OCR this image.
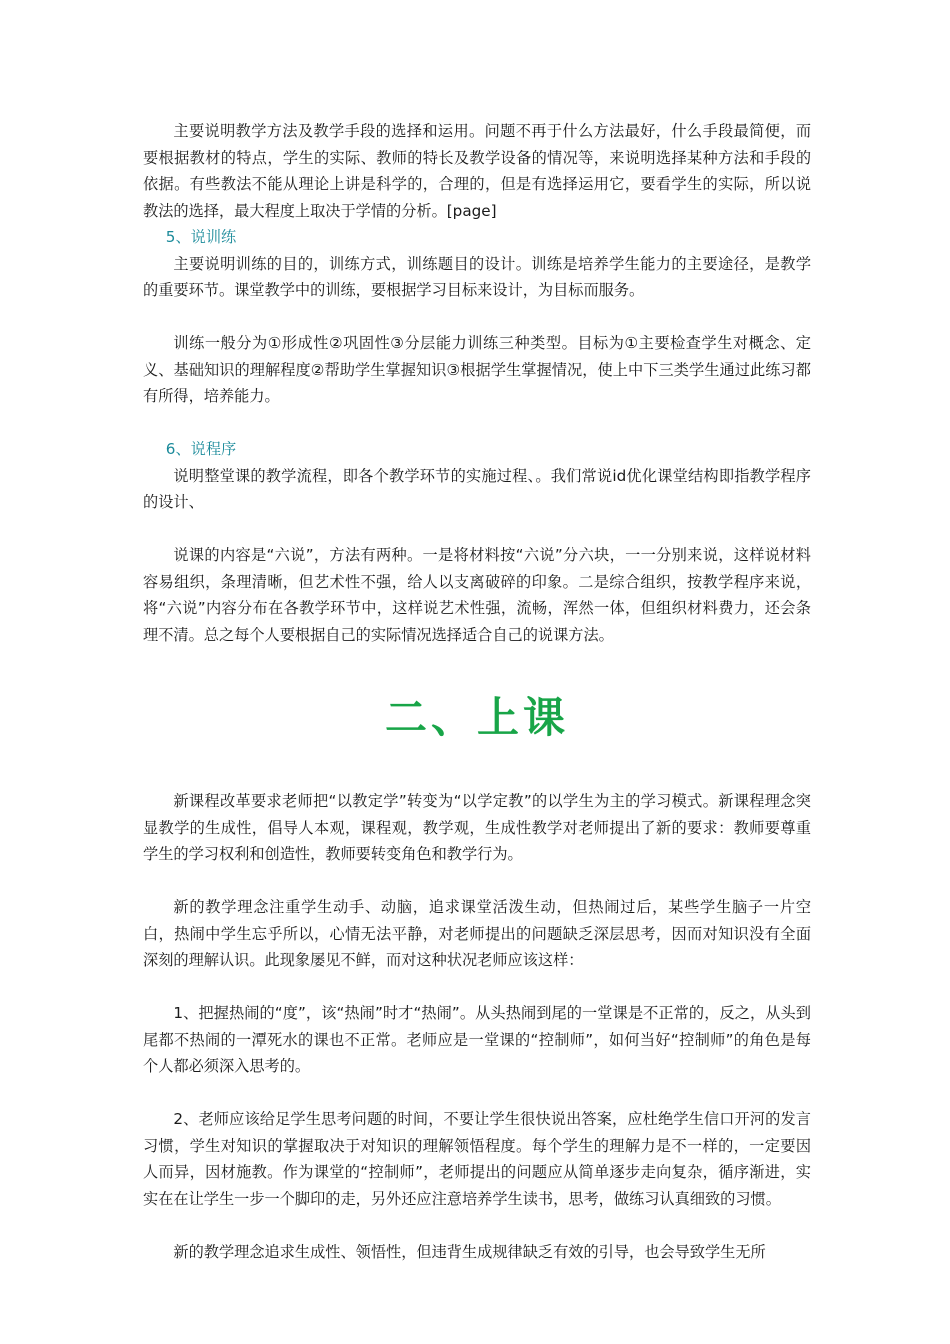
主要说明教学方法及教学手段的选择和运用。问题不再于什么方法最好，什么手段最简便，而要根据教材的特点，学生的实际、教师的特长及教学设备的情况等，来说明选择某种方法和手段的依据。有些教法不能从理论上讲是科学的，合理的，但是有选择运用它，要看学生的实际，所以说教法的选择，最大程度上取决于学情的分析。[page]

5、说训练

主要说明训练的目的，训练方式，训练题目的设计。训练是培养学生能力的主要途径，是教学的重要环节。课堂教学中的训练，要根据学习目标来设计，为目标而服务。

训练一般分为①形成性②巩固性③分层能力训练三种类型。目标为①主要检查学生对概念、定义、基础知识的理解程度②帮助学生掌握知识③根据学生掌握情况，使上中下三类学生通过此练习都有所得，培养能力。

6、说程序

说明整堂课的教学流程，即各个教学环节的实施过程、。我们常说id优化课堂结构即指教学程序的设计、

说课的内容是“六说”，方法有两种。一是将材料按“六说”分六块，一一分别来说，这样说材料容易组织，条理清晰，但艺术性不强，给人以支离破碎的印象。二是综合组织，按教学程序来说，将“六说”内容分布在各教学环节中，这样说艺术性强，流畅，浑然一体，但组织材料费力，还会条理不清。总之每个人要根据自己的实际情况选择适合自己的说课方法。

二、上课

新课程改革要求老师把“以教定学”转变为“以学定教”的以学生为主的学习模式。新课程理念突显教学的生成性，倡导人本观，课程观，教学观，生成性教学对老师提出了新的要求：教师要尊重学生的学习权利和创造性，教师要转变角色和教学行为。

新的教学理念注重学生动手、动脑，追求课堂活泼生动，但热闹过后，某些学生脑子一片空白，热闹中学生忘乎所以，心情无法平静，对老师提出的问题缺乏深层思考，因而对知识没有全面深刻的理解认识。此现象屡见不鲜，而对这种状况老师应该这样：

1、把握热闹的“度”，该“热闹”时才“热闹”。从头热闹到尾的一堂课是不正常的，反之，从头到尾都不热闹的一潭死水的课也不正常。老师应是一堂课的“控制师”，如何当好“控制师”的角色是每个人都必须深入思考的。

2、老师应该给足学生思考问题的时间，不要让学生很快说出答案，应杜绝学生信口开河的发言习惯，学生对知识的掌握取决于对知识的理解领悟程度。每个学生的理解力是不一样的，一定要因人而异，因材施教。作为课堂的“控制师”，老师提出的问题应从简单逐步走向复杂，循序渐进，实实在在让学生一步一个脚印的走，另外还应注意培养学生读书，思考，做练习认真细致的习惯。

新的教学理念追求生成性、领悟性，但违背生成规律缺乏有效的引导，也会导致学生无所
